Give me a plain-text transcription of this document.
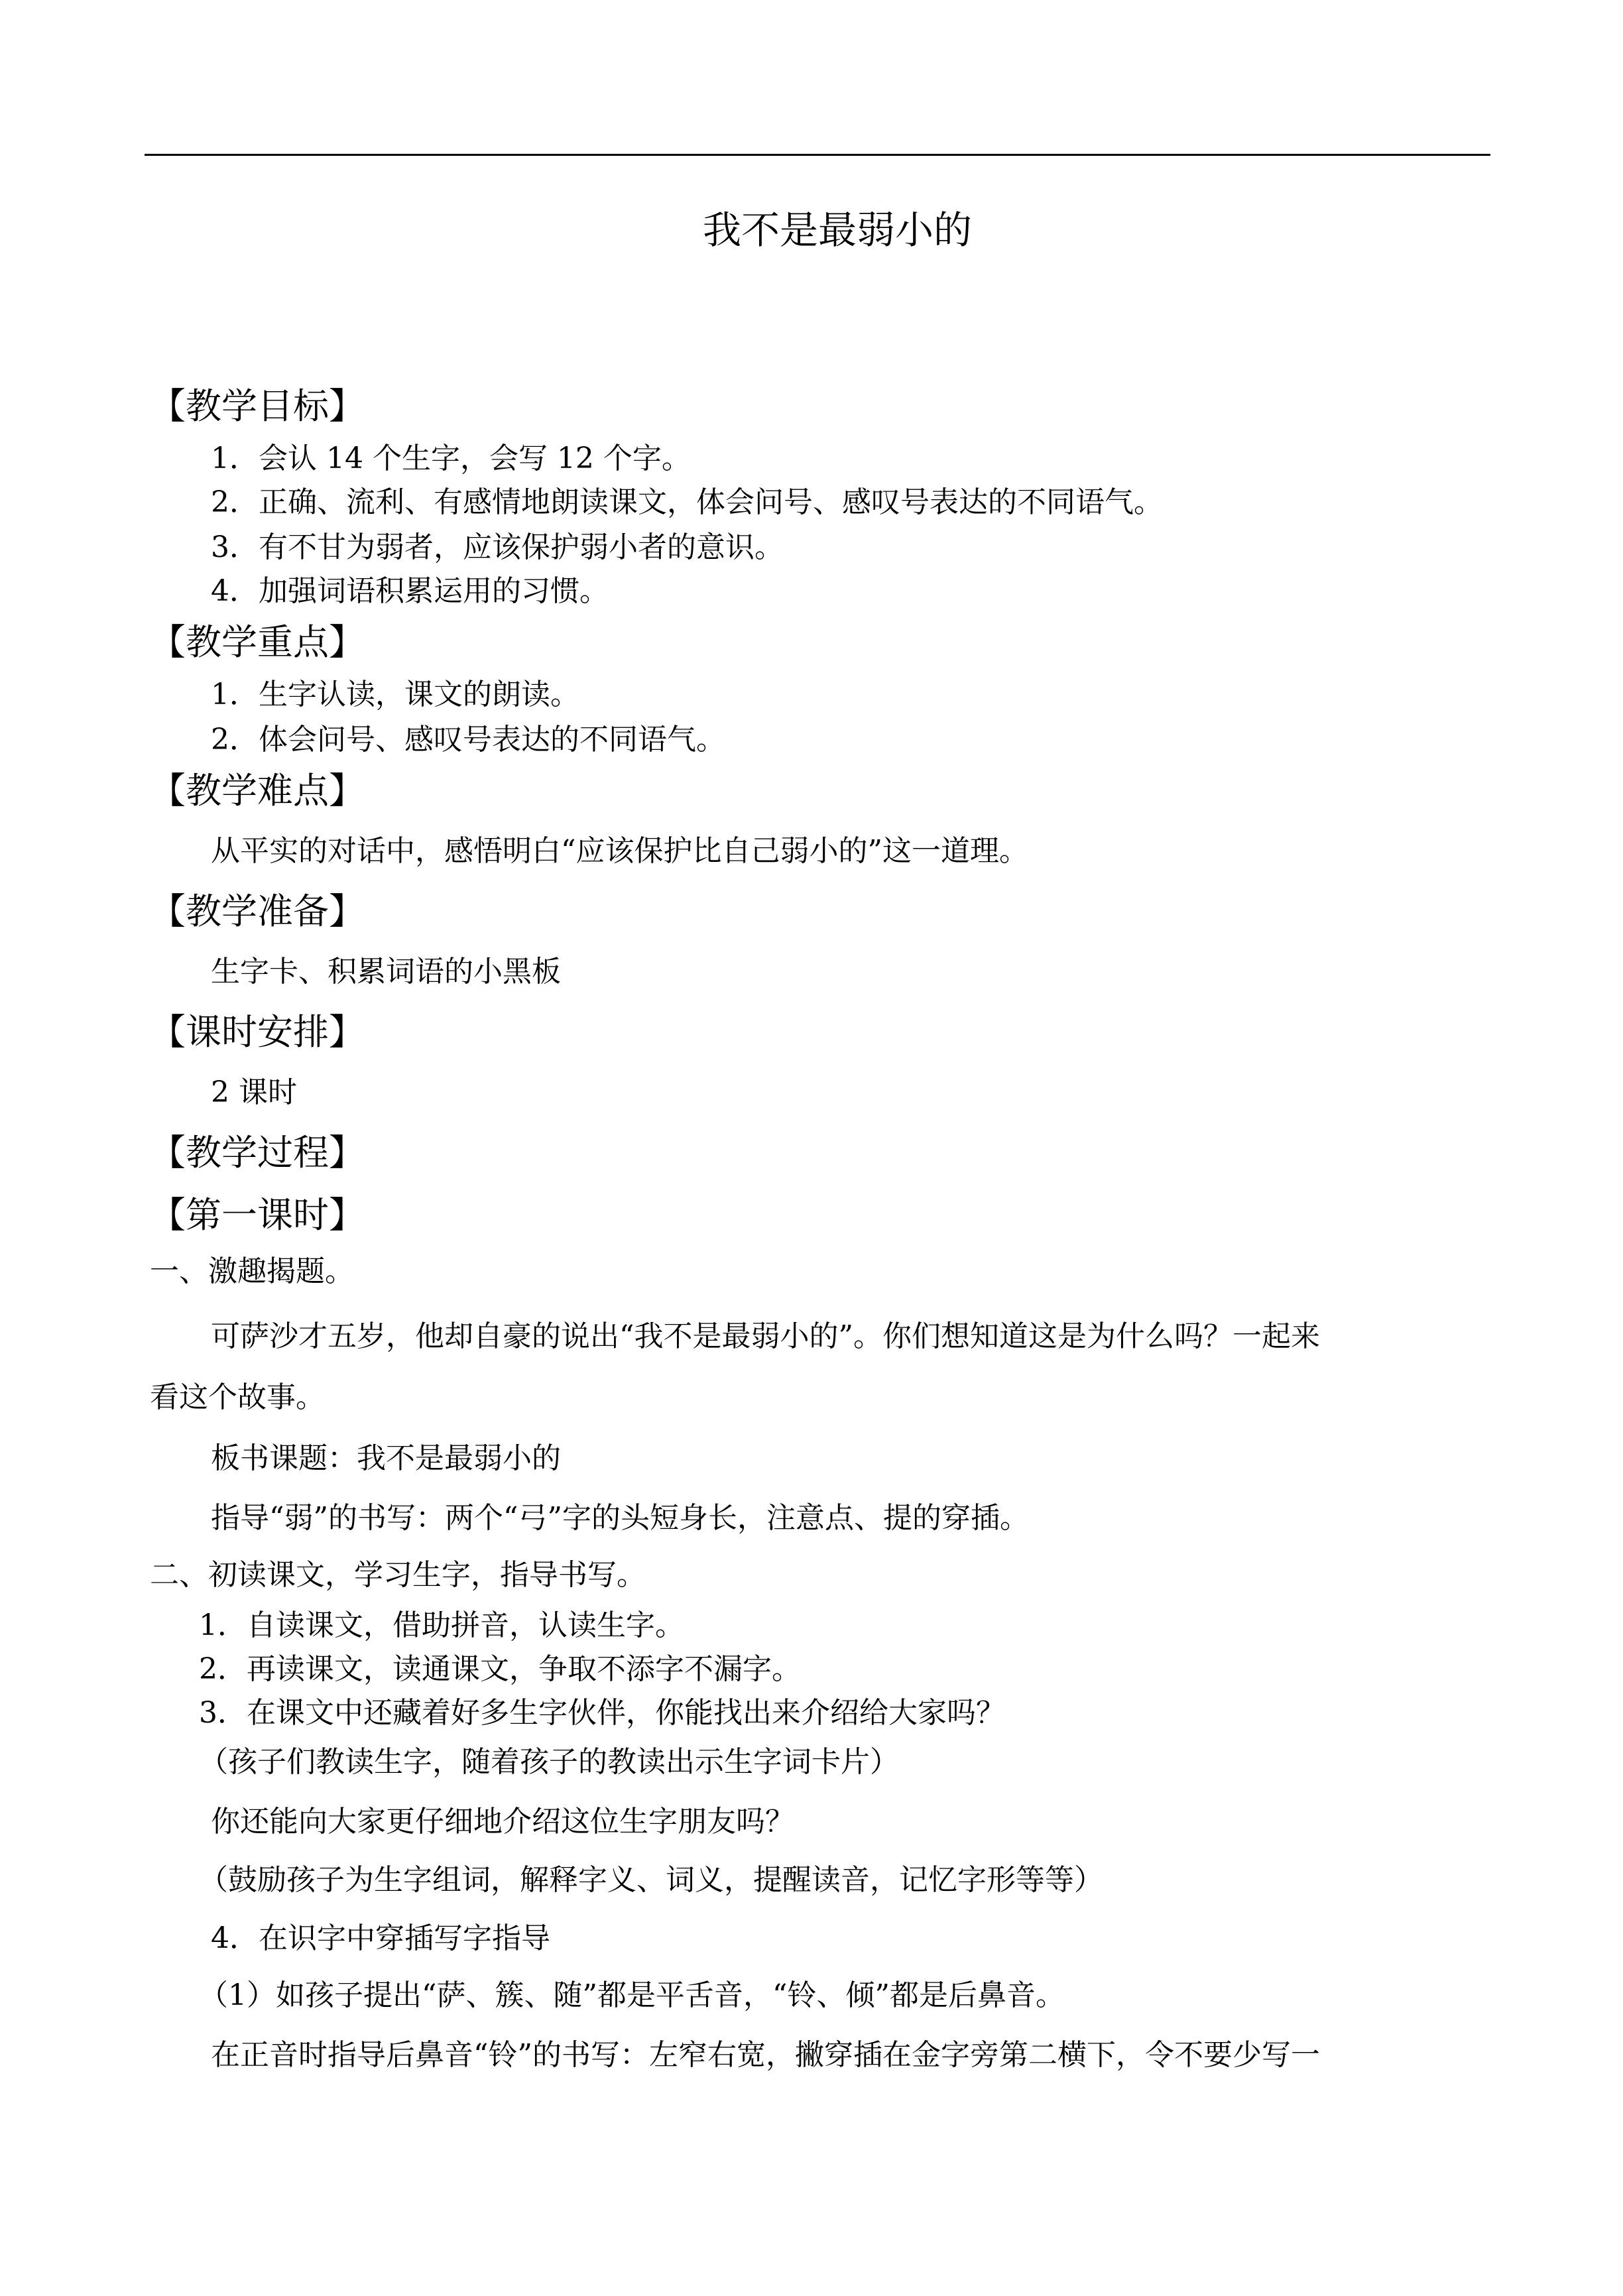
我不是最弱小的
【教学目标】
1．会认 14 个生字，会写 12 个字。
2．正确、流利、有感情地朗读课文，体会问号、感叹号表达的不同语气。
3．有不甘为弱者，应该保护弱小者的意识。
4．加强词语积累运用的习惯。
【教学重点】
1．生字认读，课文的朗读。
2．体会问号、感叹号表达的不同语气。
【教学难点】
从平实的对话中，感悟明白“应该保护比自己弱小的”这一道理。
【教学准备】
生字卡、积累词语的小黑板
【课时安排】
2 课时
【教学过程】
【第一课时】
一、激趣揭题。
可萨沙才五岁，他却自豪的说出“我不是最弱小的”。你们想知道这是为什么吗？一起来
看这个故事。
板书课题：我不是最弱小的
指导“弱”的书写：两个“弓”字的头短身长，注意点、提的穿插。
二、初读课文，学习生字，指导书写。
1．自读课文，借助拼音，认读生字。
2．再读课文，读通课文，争取不添字不漏字。
3．在课文中还藏着好多生字伙伴，你能找出来介绍给大家吗？
（孩子们教读生字，随着孩子的教读出示生字词卡片）
你还能向大家更仔细地介绍这位生字朋友吗？
（鼓励孩子为生字组词，解释字义、词义，提醒读音，记忆字形等等）
4．在识字中穿插写字指导
（1）如孩子提出“萨、簇、随”都是平舌音，“铃、倾”都是后鼻音。
在正音时指导后鼻音“铃”的书写：左窄右宽，撇穿插在金字旁第二横下，令不要少写一
